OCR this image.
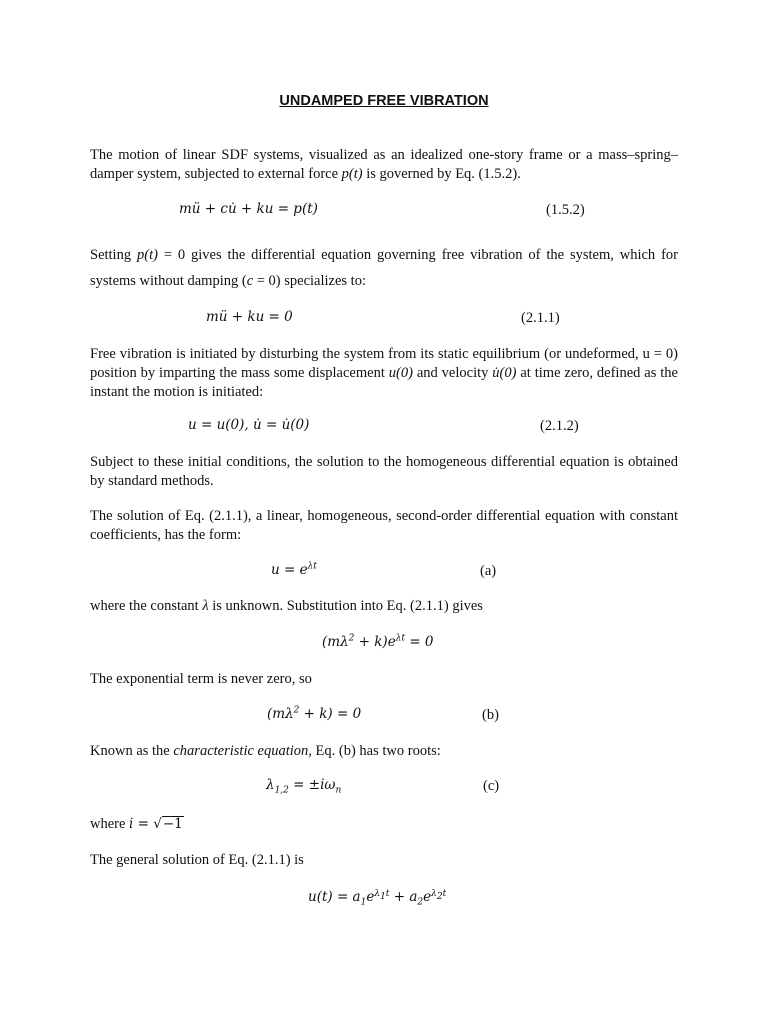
UNDAMPED FREE VIBRATION
The motion of linear SDF systems, visualized as an idealized one-story frame or a mass–spring–damper system, subjected to external force p(t) is governed by Eq. (1.5.2).
mü + cu̇ + ku = p(t)	(1.5.2)
Setting p(t) = 0 gives the differential equation governing free vibration of the system, which for systems without damping (c = 0) specializes to:
mü + ku = 0	(2.1.1)
Free vibration is initiated by disturbing the system from its static equilibrium (or undeformed, u = 0) position by imparting the mass some displacement u(0) and velocity u̇(0) at time zero, defined as the instant the motion is initiated:
u = u(0), u̇ = u̇(0)	(2.1.2)
Subject to these initial conditions, the solution to the homogeneous differential equation is obtained by standard methods.
The solution of Eq. (2.1.1), a linear, homogeneous, second-order differential equation with constant coefficients, has the form:
$u = e^{\lambda t}$	(a)
where the constant λ is unknown. Substitution into Eq. (2.1.1) gives
$(m\lambda^2 + k)e^{\lambda t} = 0$
The exponential term is never zero, so
$(m\lambda^2 + k) = 0$	(b)
Known as the characteristic equation, Eq. (b) has two roots:
$\lambda_{1,2} = \pm i\omega_n$	(c)
where i = √−1
The general solution of Eq. (2.1.1) is
$u(t) = a_1e^{\lambda_1t} + a_2e^{\lambda_2t}$
